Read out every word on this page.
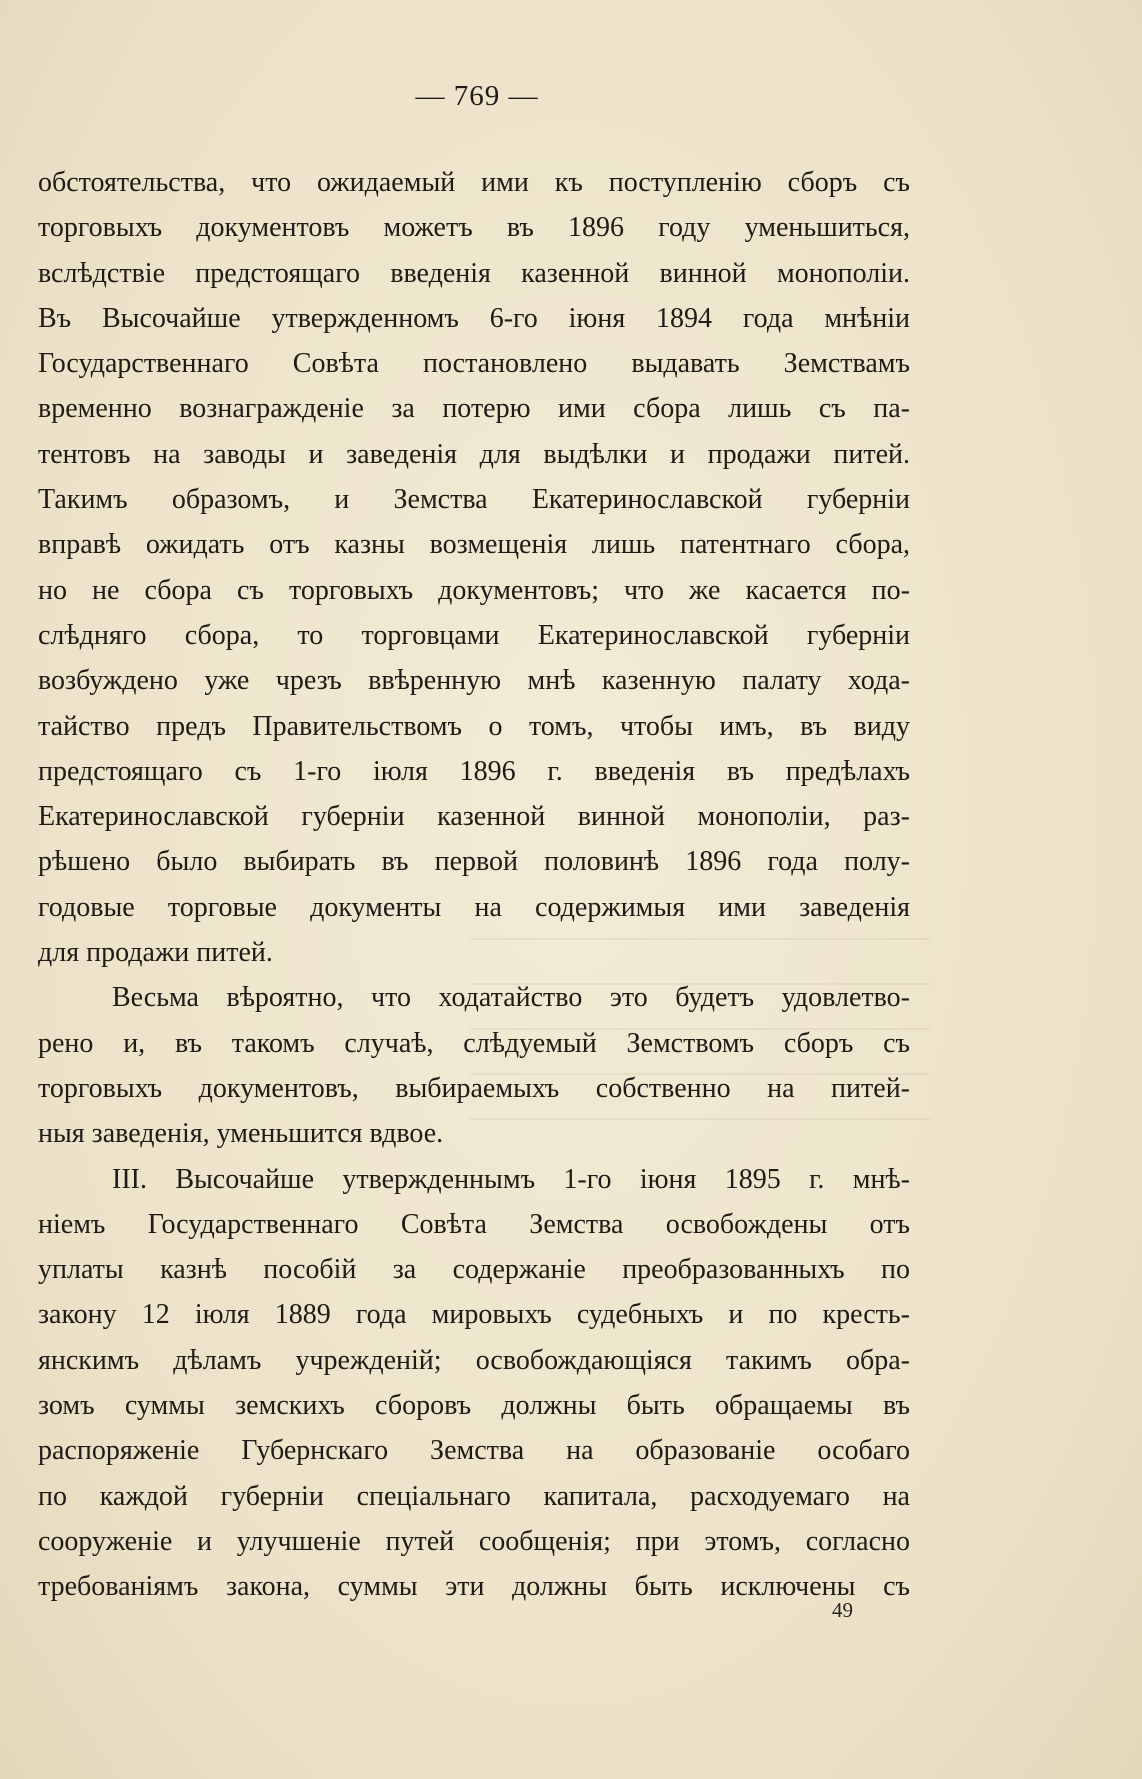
— 769 —
обстоятельства, что ожидаемый ими къ поступленію сборъ съ
торговыхъ документовъ можетъ въ 1896 году уменьшиться,
вслѣдствіе предстоящаго введенія казенной винной монополіи.
Въ Высочайше утвержденномъ 6-го іюня 1894 года мнѣніи
Государственнаго Совѣта постановлено выдавать Земствамъ
временно вознагражденіе за потерю ими сбора лишь съ па-
тентовъ на заводы и заведенія для выдѣлки и продажи питей.
Такимъ образомъ, и Земства Екатеринославской губерніи
вправѣ ожидать отъ казны возмещенія лишь патентнаго сбора,
но не сбора съ торговыхъ документовъ; что же касается по-
слѣдняго сбора, то торговцами Екатеринославской губерніи
возбуждено уже чрезъ ввѣренную мнѣ казенную палату хода-
тайство предъ Правительствомъ о томъ, чтобы имъ, въ виду
предстоящаго съ 1-го іюля 1896 г. введенія въ предѣлахъ
Екатеринославской губерніи казенной винной монополіи, раз-
рѣшено было выбирать въ первой половинѣ 1896 года полу-
годовые торговые документы на содержимыя ими заведенія
для продажи питей.
Весьма вѣроятно, что ходатайство это будетъ удовлетво-
рено и, въ такомъ случаѣ, слѣдуемый Земствомъ сборъ съ
торговыхъ документовъ, выбираемыхъ собственно на питей-
ныя заведенія, уменьшится вдвое.
III. Высочайше утвержденнымъ 1-го іюня 1895 г. мнѣ-
ніемъ Государственнаго Совѣта Земства освобождены отъ
уплаты казнѣ пособій за содержаніе преобразованныхъ по
закону 12 іюля 1889 года мировыхъ судебныхъ и по кресть-
янскимъ дѣламъ учрежденій; освобождающіяся такимъ обра-
зомъ суммы земскихъ сборовъ должны быть обращаемы въ
распоряженіе Губернскаго Земства на образованіе особаго
по каждой губерніи спеціальнаго капитала, расходуемаго на
сооруженіе и улучшеніе путей сообщенія; при этомъ, согласно
требованіямъ закона, суммы эти должны быть исключены съ
49
